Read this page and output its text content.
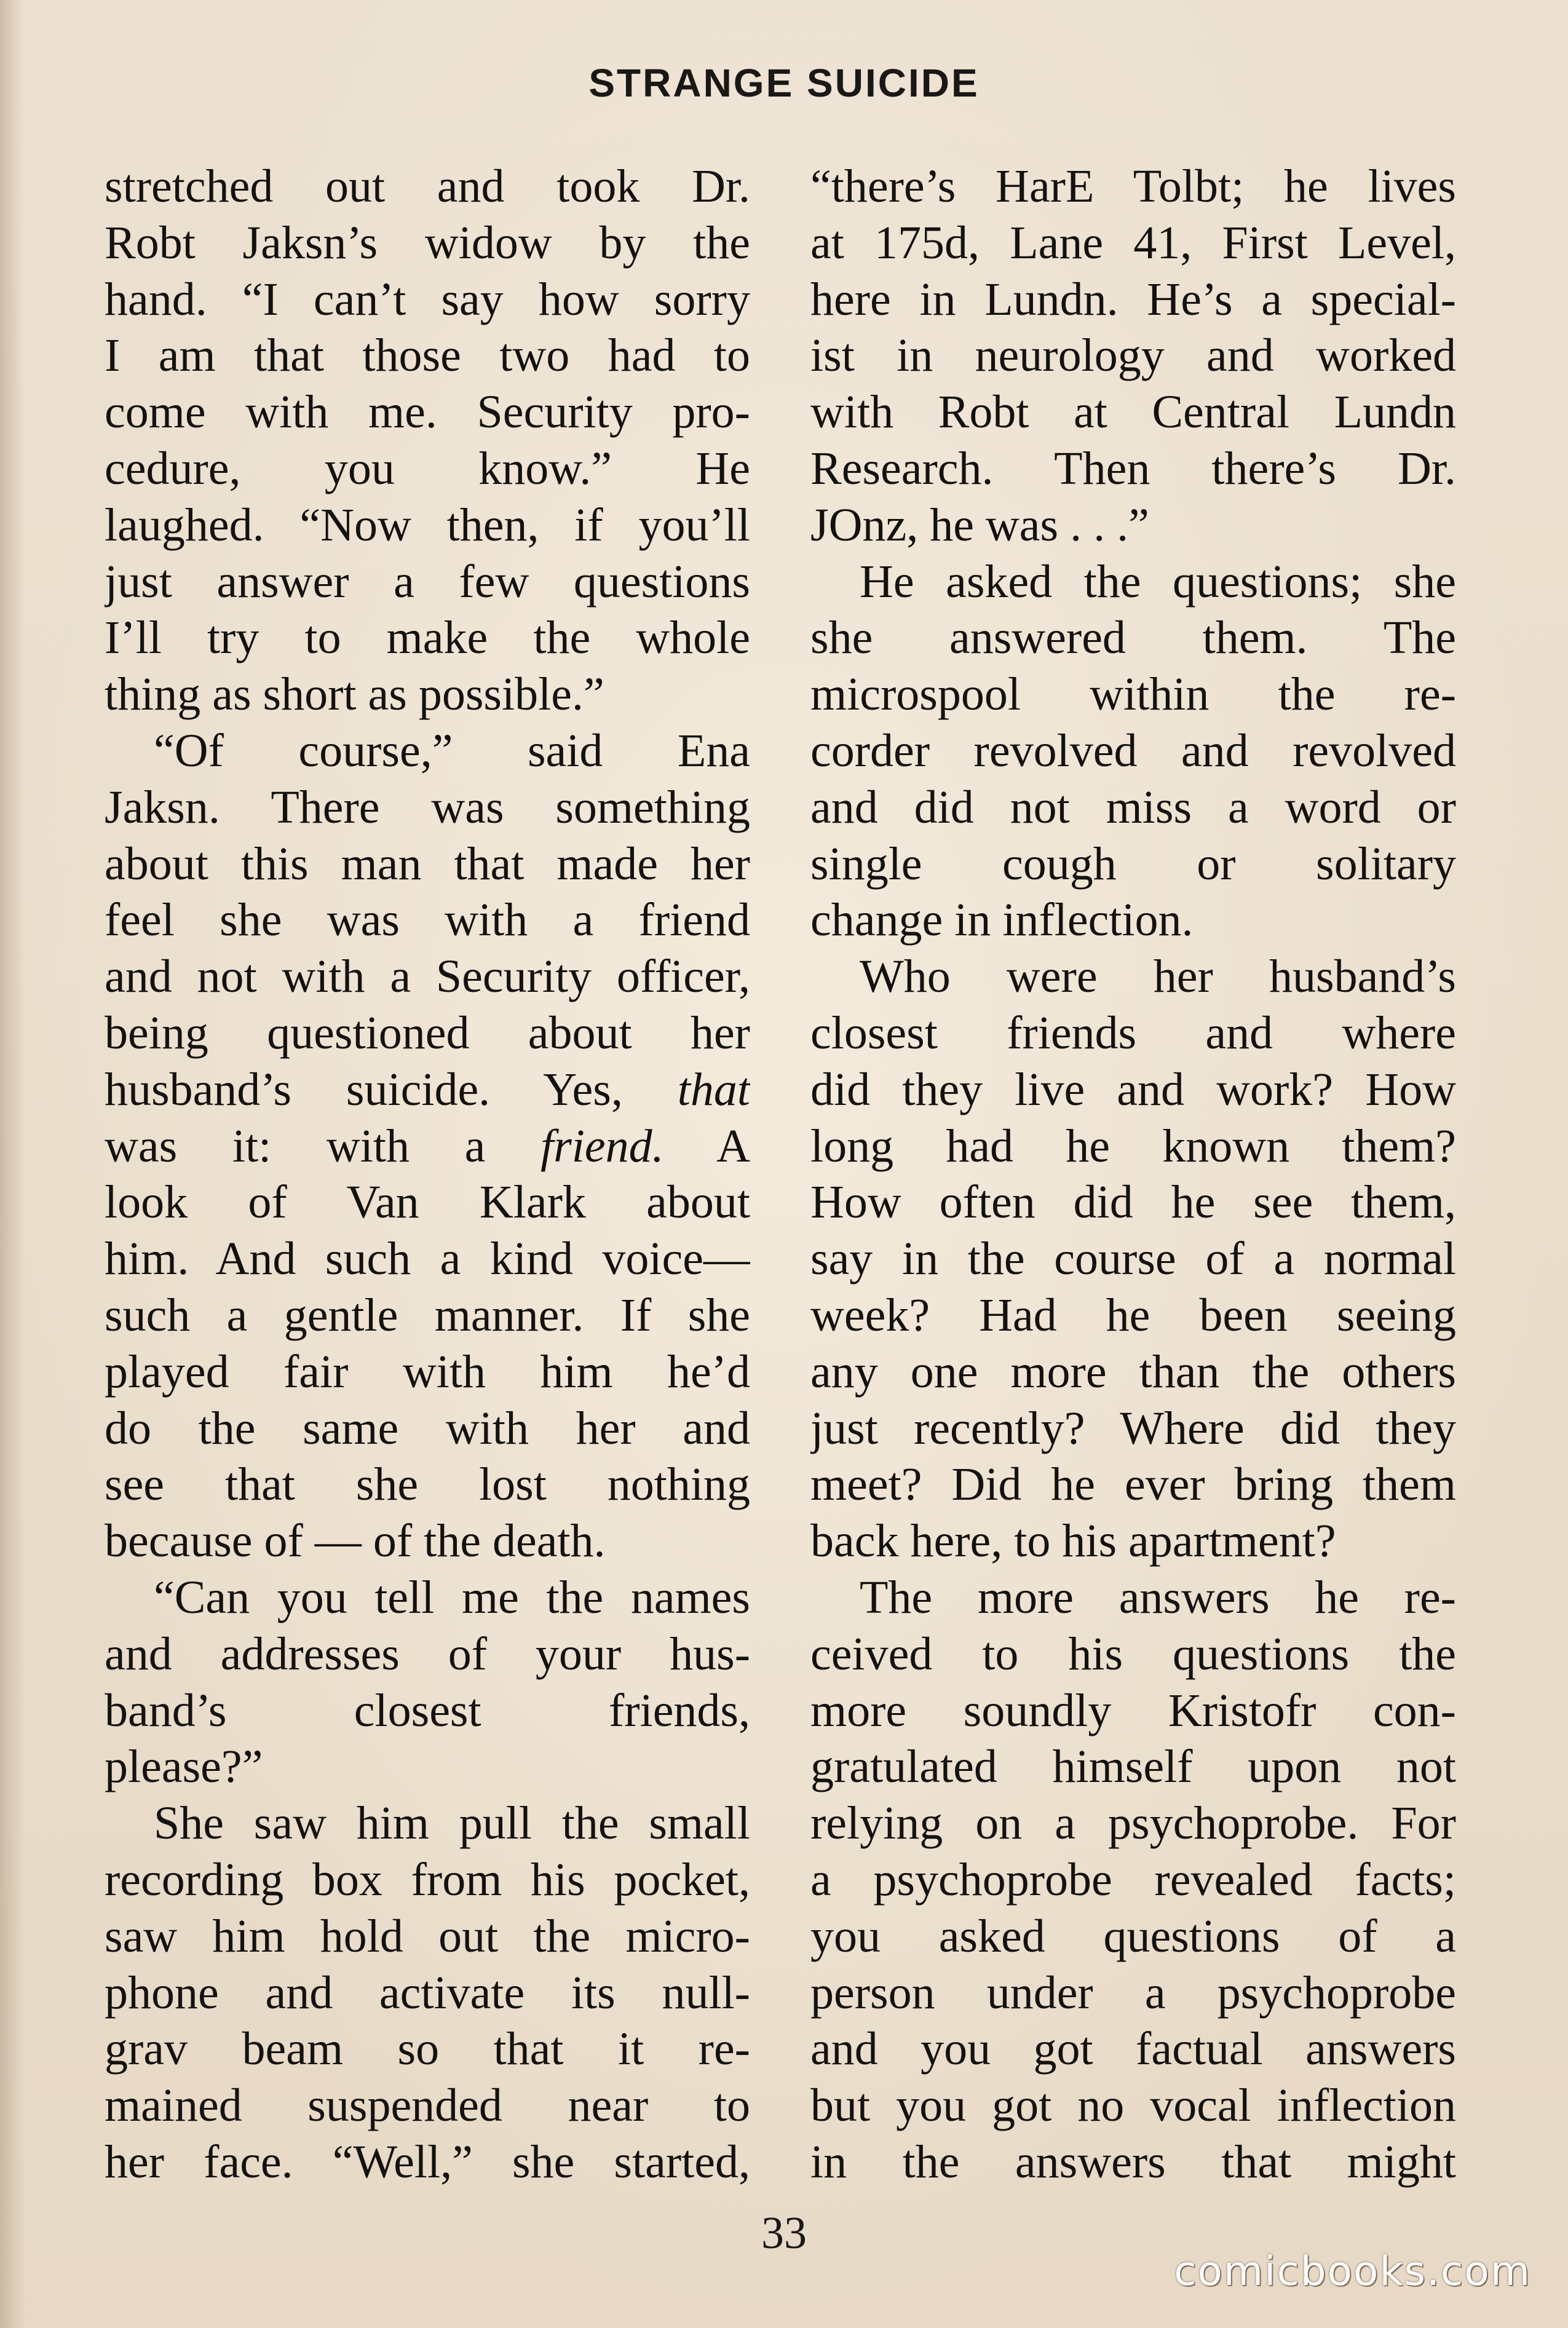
STRANGE SUICIDE
stretched out and took Dr.
Robt Jaksn’s widow by the
hand. “I can’t say how sorry
I am that those two had to
come with me. Security pro-
cedure, you know.” He
laughed. “Now then, if you’ll
just answer a few questions
I’ll try to make the whole
thing as short as possible.”
“Of course,” said Ena
Jaksn. There was something
about this man that made her
feel she was with a friend
and not with a Security officer,
being questioned about her
husband’s suicide. Yes, that
was it: with a friend. A
look of Van Klark about
him. And such a kind voice—
such a gentle manner. If she
played fair with him he’d
do the same with her and
see that she lost nothing
because of — of the death.
“Can you tell me the names
and addresses of your hus-
band’s closest friends,
please?”
She saw him pull the small
recording box from his pocket,
saw him hold out the micro-
phone and activate its null-
grav beam so that it re-
mained suspended near to
her face. “Well,” she started,
“there’s HarE Tolbt; he lives
at 175d, Lane 41, First Level,
here in Lundn. He’s a special-
ist in neurology and worked
with Robt at Central Lundn
Research. Then there’s Dr.
JOnz, he was . . .”
He asked the questions; she
she answered them. The
microspool within the re-
corder revolved and revolved
and did not miss a word or
single cough or solitary
change in inflection.
Who were her husband’s
closest friends and where
did they live and work? How
long had he known them?
How often did he see them,
say in the course of a normal
week? Had he been seeing
any one more than the others
just recently? Where did they
meet? Did he ever bring them
back here, to his apartment?
The more answers he re-
ceived to his questions the
more soundly Kristofr con-
gratulated himself upon not
relying on a psychoprobe. For
a psychoprobe revealed facts;
you asked questions of a
person under a psychoprobe
and you got factual answers
but you got no vocal inflection
in the answers that might
33
comicbooks.com
